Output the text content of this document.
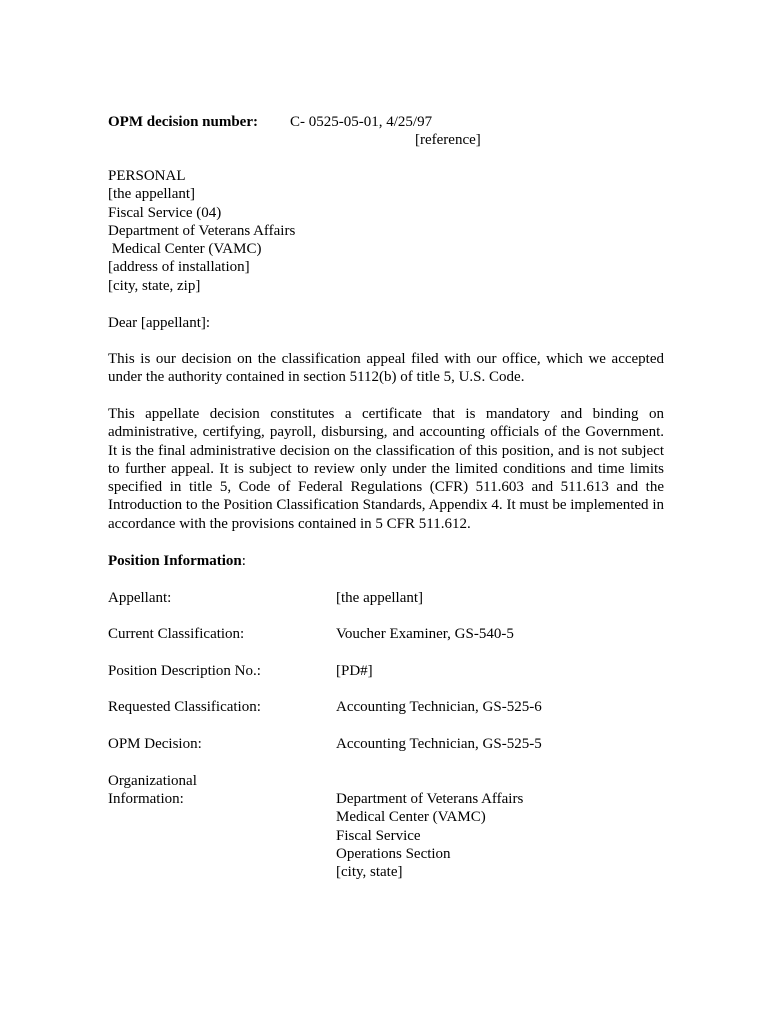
OPM decision number: C- 0525-05-01, 4/25/97
[reference]
PERSONAL
[the appellant]
Fiscal Service (04)
Department of Veterans Affairs
Medical Center (VAMC)
[address of installation]
[city, state, zip]
Dear [appellant]:
This is our decision on the classification appeal filed with our office, which we accepted under the authority contained in section 5112(b) of title 5, U.S. Code.
This appellate decision constitutes a certificate that is mandatory and binding on administrative, certifying, payroll, disbursing, and accounting officials of the Government. It is the final administrative decision on the classification of this position, and is not subject to further appeal. It is subject to review only under the limited conditions and time limits specified in title 5, Code of Federal Regulations (CFR) 511.603 and 511.613 and the Introduction to the Position Classification Standards, Appendix 4. It must be implemented in accordance with the provisions contained in 5 CFR 511.612.
Position Information:
Appellant:	[the appellant]
Current Classification:	Voucher Examiner, GS-540-5
Position Description No.:	[PD#]
Requested Classification:	Accounting Technician, GS-525-6
OPM Decision:	Accounting Technician, GS-525-5
Organizational
Information:	Department of Veterans Affairs
Medical Center (VAMC)
Fiscal Service
Operations Section
[city, state]
